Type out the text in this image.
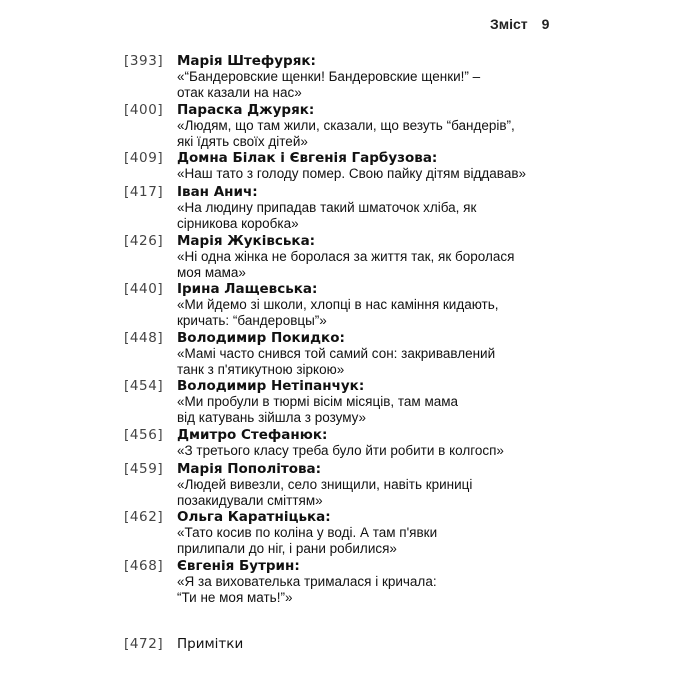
Зміст 9
[393]	Марія Штефуряк:
«“Бандеровские щенки! Бандеровские щенки!” –
отак казали на нас»
[400]	Параска Джуряк:
«Людям, що там жили, сказали, що везуть “бандерів”,
які їдять своїх дітей»
[409]	Домна Білак і Євгенія Гарбузова:
«Наш тато з голоду помер. Свою пайку дітям віддавав»
[417]	Іван Анич:
«На людину припадав такий шматочок хліба, як
сірникова коробка»
[426]	Марія Жуківська:
«Ні одна жінка не боролася за життя так, як боролася
моя мама»
[440]	Ірина Лащевська:
«Ми йдемо зі школи, хлопці в нас каміння кидають,
кричать: “бандеровцы”»
[448]	Володимир Покидко:
«Мамі часто снився той самий сон: закривавлений
танк з п'ятикутною зіркою»
[454]	Володимир Нетіпанчук:
«Ми пробули в тюрмі вісім місяців, там мама
від катувань зійшла з розуму»
[456]	Дмитро Стефанюк:
«З третього класу треба було йти робити в колгосп»
[459]	Марія Пополітова:
«Людей вивезли, село знищили, навіть криниці
позакидували сміттям»
[462]	Ольга Каратніцька:
«Тато косив по коліна у воді. А там п'явки
прилипали до ніг, і рани робилися»
[468]	Євгенія Бутрин:
«Я за вихователька трималася і кричала:
“Ти не моя мать!”»
[472]	Примітки
